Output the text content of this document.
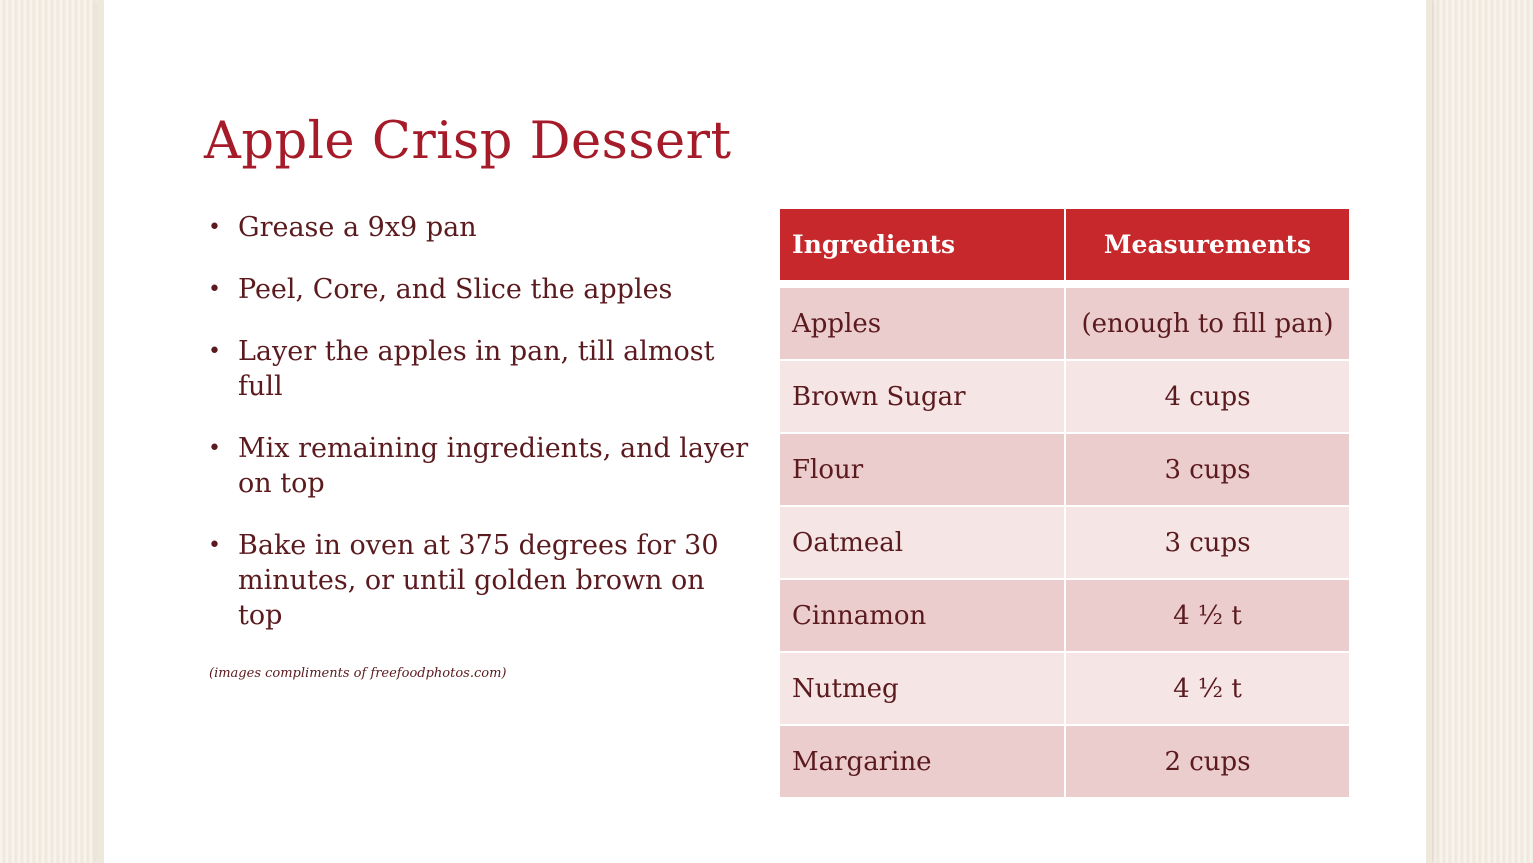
Apple Crisp Dessert
• Grease a 9x9 pan
• Peel, Core, and Slice the apples
• Layer the apples in pan, till almost full
• Mix remaining ingredients, and layer on top
• Bake in oven at 375 degrees for 30 minutes, or until golden brown on top
(images compliments of freefoodphotos.com)
Ingredients	Measurements

Apples	(enough to fill pan)
Brown Sugar	4 cups
Flour	3 cups
Oatmeal	3 cups
Cinnamon	4 ½ t
Nutmeg	4 ½ t
Margarine	2 cups
